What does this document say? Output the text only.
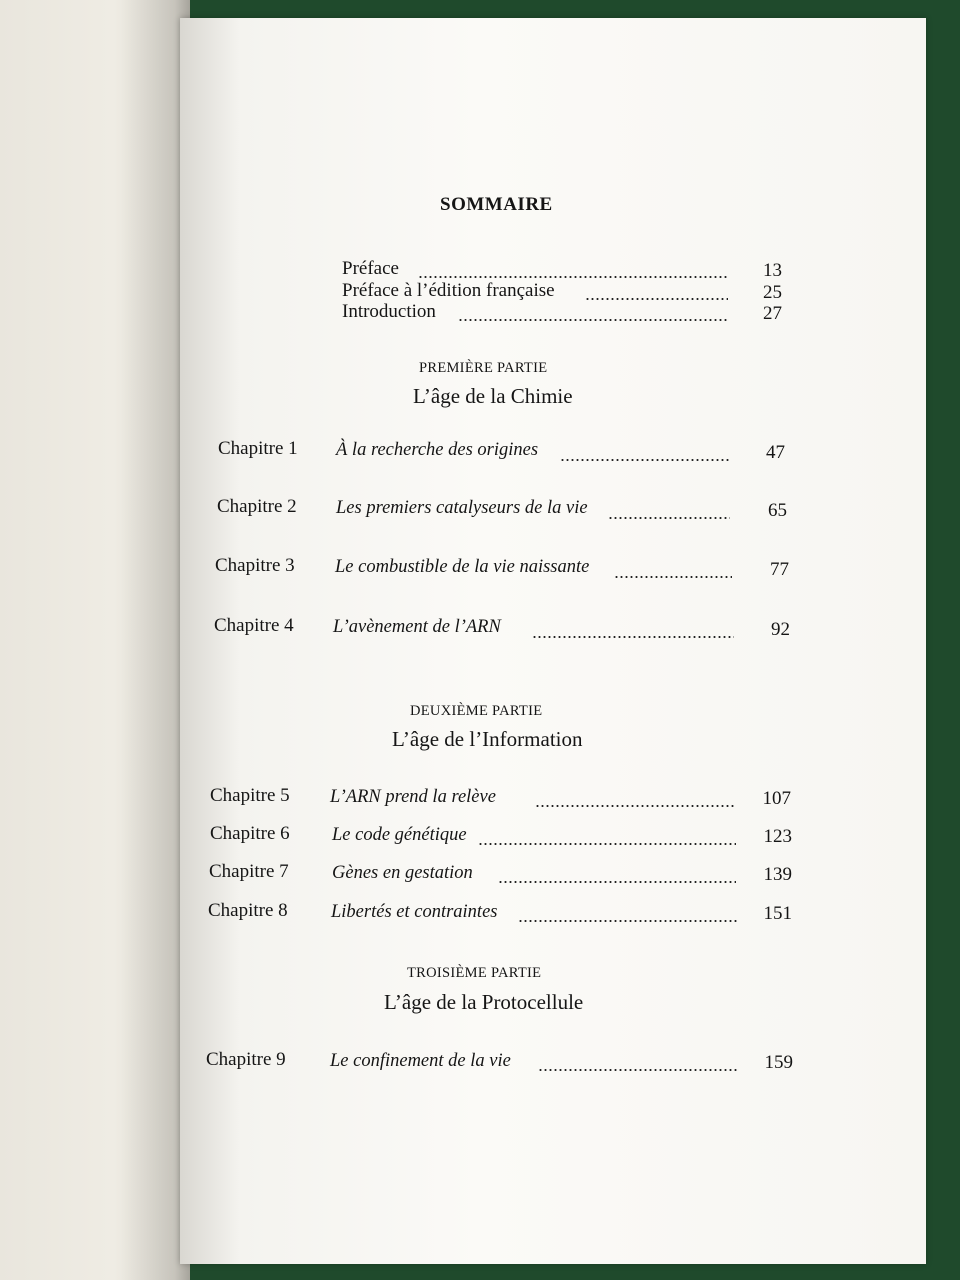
SOMMAIRE
Préface	13
Préface à l’édition française	25
Introduction	27
PREMIÈRE PARTIE
L’âge de la Chimie
Chapitre 1 À la recherche des origines	47
Chapitre 2 Les premiers catalyseurs de la vie	65
Chapitre 3 Le combustible de la vie naissante	77
Chapitre 4 L’avènement de l’ARN	92
DEUXIÈME PARTIE
L’âge de l’Information
Chapitre 5 L’ARN prend la relève	107
Chapitre 6 Le code génétique	123
Chapitre 7 Gènes en gestation	139
Chapitre 8 Libertés et contraintes	151
TROISIÈME PARTIE
L’âge de la Protocellule
Chapitre 9 Le confinement de la vie	159
